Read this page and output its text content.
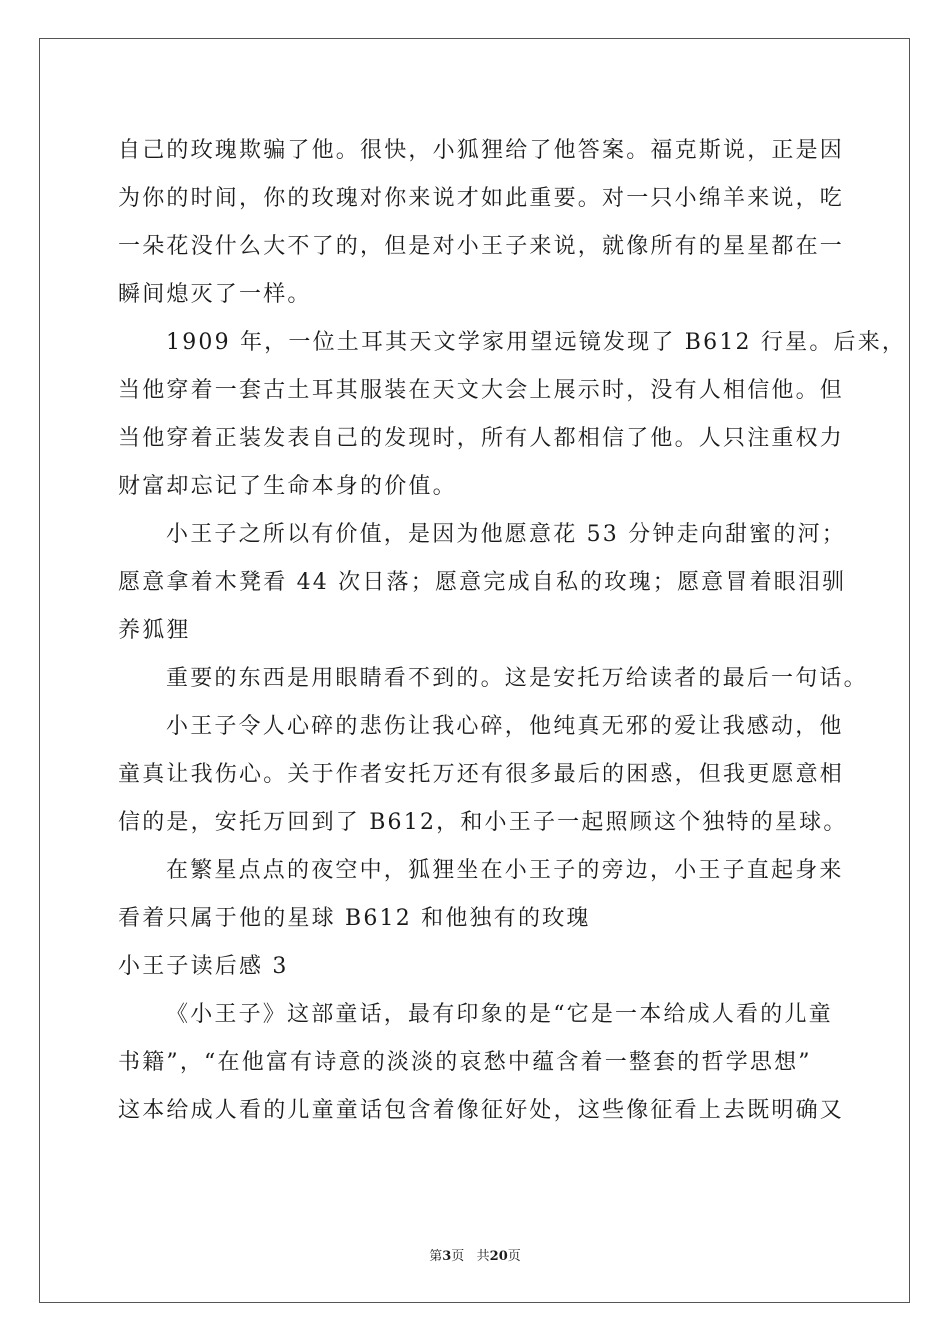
自己的玫瑰欺骗了他。很快，小狐狸给了他答案。福克斯说，正是因
为你的时间，你的玫瑰对你来说才如此重要。对一只小绵羊来说，吃
一朵花没什么大不了的，但是对小王子来说，就像所有的星星都在一
瞬间熄灭了一样。
1909 年，一位土耳其天文学家用望远镜发现了 B612 行星。后来，
当他穿着一套古土耳其服装在天文大会上展示时，没有人相信他。但
当他穿着正装发表自己的发现时，所有人都相信了他。人只注重权力
财富却忘记了生命本身的价值。
小王子之所以有价值，是因为他愿意花 53 分钟走向甜蜜的河；
愿意拿着木凳看 44 次日落；愿意完成自私的玫瑰；愿意冒着眼泪驯
养狐狸
重要的东西是用眼睛看不到的。这是安托万给读者的最后一句话。
小王子令人心碎的悲伤让我心碎，他纯真无邪的爱让我感动，他
童真让我伤心。关于作者安托万还有很多最后的困惑，但我更愿意相
信的是，安托万回到了 B612，和小王子一起照顾这个独特的星球。
在繁星点点的夜空中，狐狸坐在小王子的旁边，小王子直起身来
看着只属于他的星球 B612 和他独有的玫瑰
小王子读后感 3
《小王子》这部童话，最有印象的是“它是一本给成人看的儿童
书籍”，“在他富有诗意的淡淡的哀愁中蕴含着一整套的哲学思想”
这本给成人看的儿童童话包含着像征好处，这些像征看上去既明确又
第3页   共20页
